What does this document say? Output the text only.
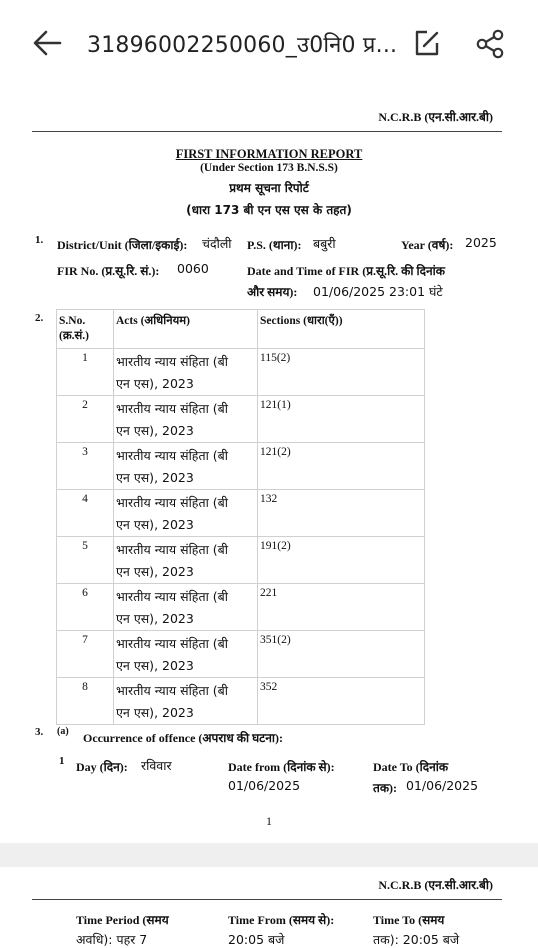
31896002250060_उ0नि0 प्र...
N.C.R.B (एन.सी.आर.बी)
FIRST INFORMATION REPORT
(Under Section 173 B.N.S.S)
प्रथम सूचना रिपोर्ट
(धारा 173 बी एन एस एस के तहत)
1. District/Unit (जिला/इकाई): चंदौली P.S. (थाना): बबुरी	Year (वर्ष): 2025
FIR No. (प्र.सू.रि. सं.): 0060	Date and Time of FIR (प्र.सू.रि. की दिनांक
और समय): 01/06/2025 23:01 घंटे
2. S.No.
(क्र.सं.)	Acts (अधिनियम)	Sections (धारा(एँ))

1	भारतीय न्याय संहिता (बी
एन एस), 2023	115(2)

2	भारतीय न्याय संहिता (बी
एन एस), 2023	121(1)

3	भारतीय न्याय संहिता (बी
एन एस), 2023	121(2)

4	भारतीय न्याय संहिता (बी
एन एस), 2023	132

5	भारतीय न्याय संहिता (बी
एन एस), 2023	191(2)

6	भारतीय न्याय संहिता (बी
एन एस), 2023	221

7	भारतीय न्याय संहिता (बी
एन एस), 2023	351(2)

8	भारतीय न्याय संहिता (बी
एन एस), 2023	352
3. (a) Occurrence of offence (अपराध की घटना):
1 Day (दिन): रविवार	Date from (दिनांक से):
01/06/2025
Date To (दिनांक
तक): 01/06/2025
1
N.C.R.B (एन.सी.आर.बी)
Time Period (समय
अवधि): पहर 7
Time From (समय से):
20:05 बजे
Time To (समय
तक): 20:05 बजे
